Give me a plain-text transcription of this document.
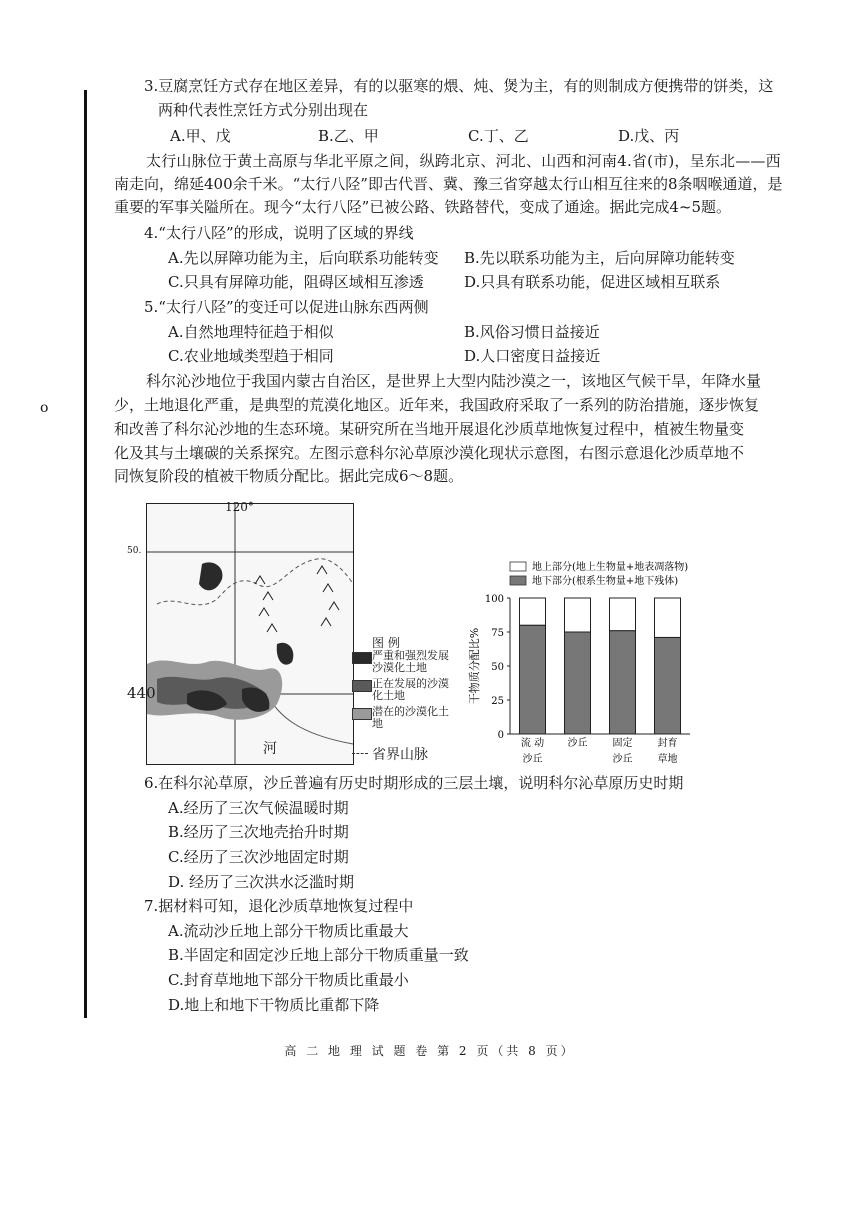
o
3.豆腐烹饪方式存在地区差异，有的以驱寒的煨、炖、煲为主，有的则制成方便携带的饼类，这
两种代表性烹饪方式分别出现在
A.甲、戊	B.乙、甲	C.丁、乙	D.戊、丙
太行山脉位于黄土高原与华北平原之间，纵跨北京、河北、山西和河南4.省(市)，呈东北——西
南走向，绵延400余千米。“太行八陉”即古代晋、冀、豫三省穿越太行山相互往来的8条咽喉通道，是
重要的军事关隘所在。现今“太行八陉”已被公路、铁路替代，变成了通途。据此完成4~5题。
4.“太行八陉”的形成，说明了区域的界线
A.先以屏障功能为主，后向联系功能转变 B.先以联系功能为主，后向屏障功能转变
C.只具有屏障功能，阻碍区域相互渗透	D.只具有联系功能，促进区域相互联系
5.“太行八陉”的变迁可以促进山脉东西两侧
A.自然地理特征趋于相似	B.风俗习惯日益接近
C.农业地域类型趋于相同	D.人口密度日益接近
科尔沁沙地位于我国内蒙古自治区，是世界上大型内陆沙漠之一，该地区气候干旱，年降水量
少，土地退化严重，是典型的荒漠化地区。近年来，我国政府采取了一系列的防治措施，逐步恢复
和改善了科尔沁沙地的生态环境。某研究所在当地开展退化沙质草地恢复过程中，植被生物量变
化及其与土壤碳的关系探究。左图示意科尔沁草原沙漠化现状示意图，右图示意退化沙质草地不
同恢复阶段的植被干物质分配比。据此完成6～8题。
120°
50.
440
河
图 例
严重和强烈发展沙漠化土地
正在发展的沙漠化土地
潜在的沙漠化土地
省界山脉
地上部分(地上生物量+地表凋落物)
地下部分(根系生物量+地下残体)
0
25
50
75
100
干物质分配比%
流 动
沙丘
沙丘	固定
沙丘
封育
草地
6.在科尔沁草原，沙丘普遍有历史时期形成的三层土壤，说明科尔沁草原历史时期
A.经历了三次气候温暖时期
B.经历了三次地壳抬升时期
C.经历了三次沙地固定时期
D. 经历了三次洪水泛滥时期
7.据材料可知，退化沙质草地恢复过程中
A.流动沙丘地上部分干物质比重最大
B.半固定和固定沙丘地上部分干物质重量一致
C.封育草地地下部分干物质比重最小
D.地上和地下干物质比重都下降
高 二 地 理 试 题 卷 第 2 页（共 8 页）
